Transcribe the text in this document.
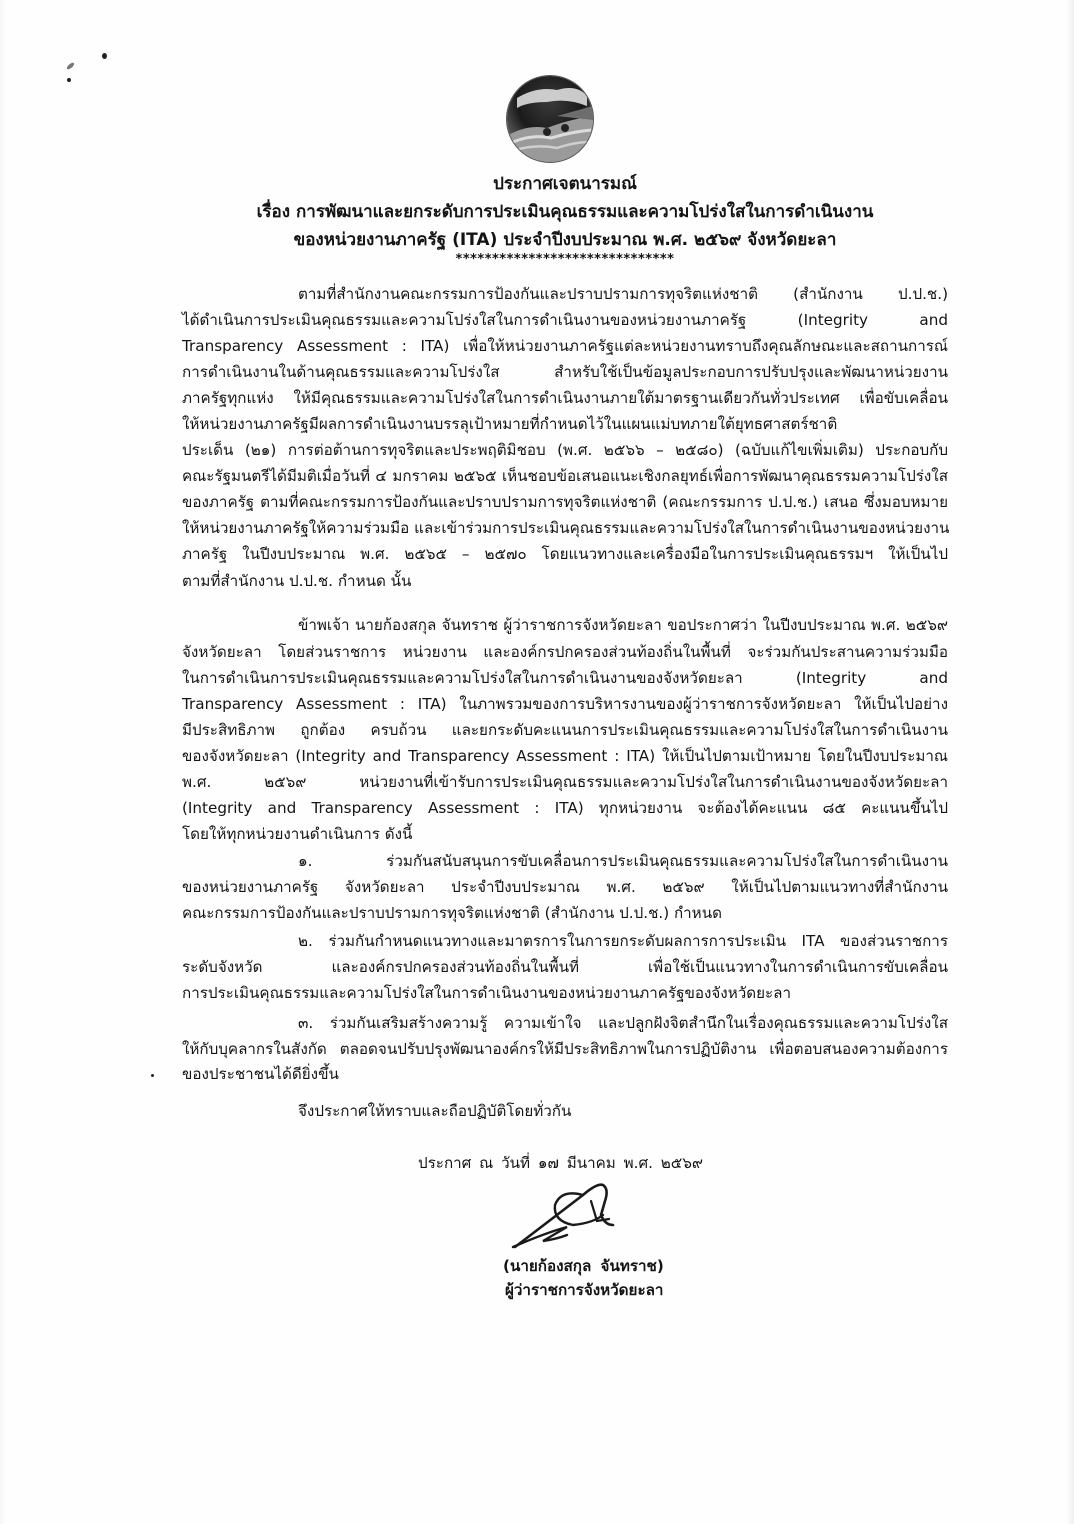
ประกาศเจตนารมณ์
เรื่อง การพัฒนาและยกระดับการประเมินคุณธรรมและความโปร่งใสในการดำเนินงาน
ของหน่วยงานภาครัฐ (ITA) ประจำปีงบประมาณ พ.ศ. ๒๕๖๙ จังหวัดยะลา
******************************
ตามที่สำนักงานคณะกรรมการป้องกันและปราบปรามการทุจริตแห่งชาติ (สำนักงาน ป.ป.ช.)
ได้ดำเนินการประเมินคุณธรรมและความโปร่งใสในการดำเนินงานของหน่วยงานภาครัฐ (Integrity and
Transparency Assessment : ITA) เพื่อให้หน่วยงานภาครัฐแต่ละหน่วยงานทราบถึงคุณลักษณะและสถานการณ์
การดำเนินงานในด้านคุณธรรมและความโปร่งใส สำหรับใช้เป็นข้อมูลประกอบการปรับปรุงและพัฒนาหน่วยงาน
ภาครัฐทุกแห่ง ให้มีคุณธรรมและความโปร่งใสในการดำเนินงานภายใต้มาตรฐานเดียวกันทั่วประเทศ เพื่อขับเคลื่อน
ให้หน่วยงานภาครัฐมีผลการดำเนินงานบรรลุเป้าหมายที่กำหนดไว้ในแผนแม่บทภายใต้ยุทธศาสตร์ชาติ
ประเด็น (๒๑) การต่อต้านการทุจริตและประพฤติมิชอบ (พ.ศ. ๒๕๖๖ – ๒๕๘๐) (ฉบับแก้ไขเพิ่มเติม) ประกอบกับ
คณะรัฐมนตรีได้มีมติเมื่อวันที่ ๔ มกราคม ๒๕๖๕ เห็นชอบข้อเสนอแนะเชิงกลยุทธ์เพื่อการพัฒนาคุณธรรมความโปร่งใส
ของภาครัฐ ตามที่คณะกรรมการป้องกันและปราบปรามการทุจริตแห่งชาติ (คณะกรรมการ ป.ป.ช.) เสนอ ซึ่งมอบหมาย
ให้หน่วยงานภาครัฐให้ความร่วมมือ และเข้าร่วมการประเมินคุณธรรมและความโปร่งใสในการดำเนินงานของหน่วยงาน
ภาครัฐ ในปีงบประมาณ พ.ศ. ๒๕๖๕ – ๒๕๗๐ โดยแนวทางและเครื่องมือในการประเมินคุณธรรมฯ ให้เป็นไป
ตามที่สำนักงาน ป.ป.ช. กำหนด นั้น
ข้าพเจ้า นายก้องสกุล จันทราช ผู้ว่าราชการจังหวัดยะลา ขอประกาศว่า ในปีงบประมาณ พ.ศ. ๒๕๖๙
จังหวัดยะลา โดยส่วนราชการ หน่วยงาน และองค์กรปกครองส่วนท้องถิ่นในพื้นที่ จะร่วมกันประสานความร่วมมือ
ในการดำเนินการประเมินคุณธรรมและความโปร่งใสในการดำเนินงานของจังหวัดยะลา (Integrity and
Transparency Assessment : ITA) ในภาพรวมของการบริหารงานของผู้ว่าราชการจังหวัดยะลา ให้เป็นไปอย่าง
มีประสิทธิภาพ ถูกต้อง ครบถ้วน และยกระดับคะแนนการประเมินคุณธรรมและความโปร่งใสในการดำเนินงาน
ของจังหวัดยะลา (Integrity and Transparency Assessment : ITA) ให้เป็นไปตามเป้าหมาย โดยในปีงบประมาณ
พ.ศ. ๒๕๖๙ หน่วยงานที่เข้ารับการประเมินคุณธรรมและความโปร่งใสในการดำเนินงานของจังหวัดยะลา
(Integrity and Transparency Assessment : ITA) ทุกหน่วยงาน จะต้องได้คะแนน ๘๕ คะแนนขึ้นไป
โดยให้ทุกหน่วยงานดำเนินการ ดังนี้
๑. ร่วมกันสนับสนุนการขับเคลื่อนการประเมินคุณธรรมและความโปร่งใสในการดำเนินงาน
ของหน่วยงานภาครัฐ จังหวัดยะลา ประจำปีงบประมาณ พ.ศ. ๒๕๖๙ ให้เป็นไปตามแนวทางที่สำนักงาน
คณะกรรมการป้องกันและปราบปรามการทุจริตแห่งชาติ (สำนักงาน ป.ป.ช.) กำหนด
๒. ร่วมกันกำหนดแนวทางและมาตรการในการยกระดับผลการการประเมิน ITA ของส่วนราชการ
ระดับจังหวัด และองค์กรปกครองส่วนท้องถิ่นในพื้นที่ เพื่อใช้เป็นแนวทางในการดำเนินการขับเคลื่อน
การประเมินคุณธรรมและความโปร่งใสในการดำเนินงานของหน่วยงานภาครัฐของจังหวัดยะลา
๓. ร่วมกันเสริมสร้างความรู้ ความเข้าใจ และปลูกฝังจิตสำนึกในเรื่องคุณธรรมและความโปร่งใส
ให้กับบุคลากรในสังกัด ตลอดจนปรับปรุงพัฒนาองค์กรให้มีประสิทธิภาพในการปฏิบัติงาน เพื่อตอบสนองความต้องการ
ของประชาชนได้ดียิ่งขึ้น
จึงประกาศให้ทราบและถือปฏิบัติโดยทั่วกัน
ประกาศ ณ วันที่ ๑๗ มีนาคม พ.ศ. ๒๕๖๙
(นายก้องสกุล จันทราช)
ผู้ว่าราชการจังหวัดยะลา
